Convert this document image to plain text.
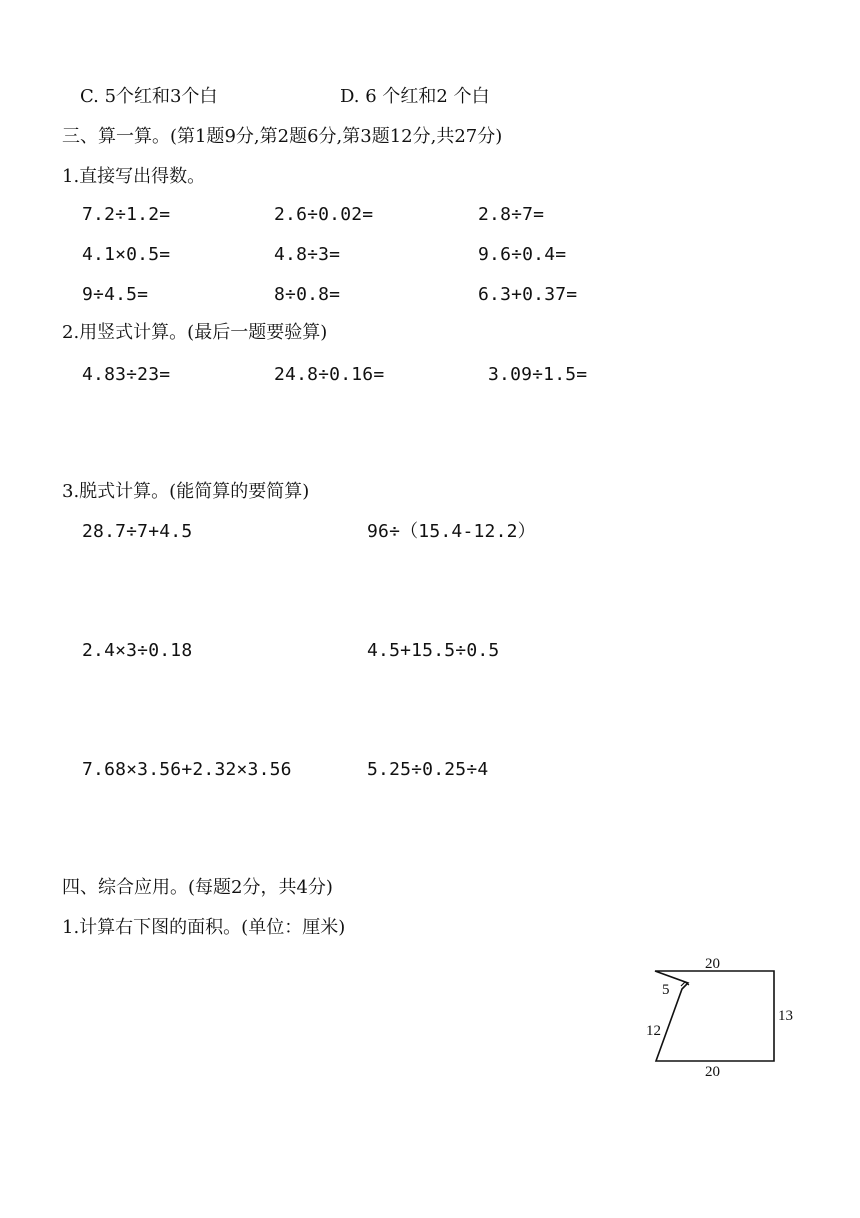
C. 5个红和3个白	D. 6 个红和2 个白
三、算一算。(第1题9分,第2题6分,第3题12分,共27分)
1.直接写出得数。
7.2÷1.2=	2.6÷0.02=	2.8÷7=
4.1×0.5=	4.8÷3=	9.6÷0.4=
9÷4.5=	8÷0.8=	6.3+0.37=
2.用竖式计算。(最后一题要验算)
4.83÷23=	24.8÷0.16=	3.09÷1.5=
3.脱式计算。(能简算的要简算)
28.7÷7+4.5	96÷（15.4-12.2）
2.4×3÷0.18	4.5+15.5÷0.5
7.68×3.56+2.32×3.56	5.25÷0.25÷4
四、综合应用。(每题2分，共4分)
1.计算右下图的面积。(单位：厘米)
20
20
13
5
12
